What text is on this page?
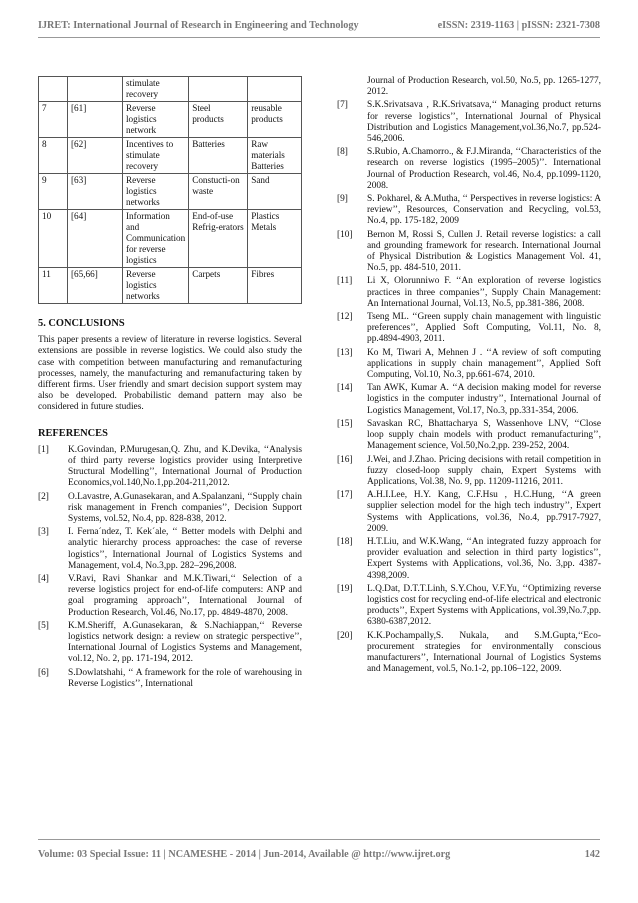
IJRET: International Journal of Research in Engineering and Technology	eISSN: 2319-1163 | pISSN: 2321-7308
		stimulate recovery		
7	[61]	Reverse logistics network	Steel products	reusable products
8	[62]	Incentives to stimulate recovery	Batteries	Raw materials Batteries
9	[63]	Reverse logistics networks	Constucti-on waste	Sand
10	[64]	Information and Communication for reverse logistics	End-of-use Refrig-erators	Plastics Metals
11	[65,66]	Reverse logistics networks	Carpets	Fibres
5. CONCLUSIONS

This paper presents a review of literature in reverse logistics. Several extensions are possible in reverse logistics. We could also study the case with competition between manufacturing and remanufacturing processes, namely, the manufacturing and remanufacturing taken by different firms. User friendly and smart decision support system may also be developed. Probabilistic demand pattern may also be considered in future studies.

REFERENCES
[1]	K.Govindan, P.Murugesan,Q. Zhu, and K.Devika, ‘‘Analysis of third party reverse logistics provider using Interpretive Structural Modelling’’, International Journal of Production Economics,vol.140,No.1,pp.204-211,2012.
[2]	O.Lavastre, A.Gunasekaran, and A.Spalanzani, ‘‘Supply chain risk management in French companies’’, Decision Support Systems, vol.52, No.4, pp. 828-838, 2012.
[3]	I. Ferna´ndez, T. Kek´ale, ‘‘ Better models with Delphi and analytic hierarchy process approaches: the case of reverse logistics’’, International Journal of Logistics Systems and Management, vol.4, No.3,pp. 282–296,2008.
[4]	V.Ravi, Ravi Shankar and M.K.Tiwari,‘‘ Selection of a reverse logistics project for end-of-life computers: ANP and goal programing approach’’, International Journal of Production Research, Vol.46, No.17, pp. 4849-4870, 2008.
[5]	K.M.Sheriff, A.Gunasekaran, & S.Nachiappan,‘‘ Reverse logistics network design: a review on strategic perspective’’, International Journal of Logistics Systems and Management, vol.12, No. 2, pp. 171-194, 2012.
[6]	S.Dowlatshahi, ‘‘ A framework for the role of warehousing in Reverse Logistics’’, International
Journal of Production Research, vol.50, No.5, pp. 1265-1277, 2012.
[7]	S.K.Srivatsava , R.K.Srivatsava,‘‘ Managing product returns for reverse logistics’’, International Journal of Physical Distribution and Logistics Management,vol.36,No.7, pp.524-546,2006.
[8]	S.Rubio, A.Chamorro., & F.J.Miranda, ‘‘Characteristics of the research on reverse logistics (1995–2005)’’. International Journal of Production Research, vol.46, No.4, pp.1099-1120, 2008.
[9]	S. Pokharel, & A.Mutha, ‘‘ Perspectives in reverse logistics: A review’’, Resources, Conservation and Recycling, vol.53, No.4, pp. 175-182, 2009
[10]	Bernon M, Rossi S, Cullen J. Retail reverse logistics: a call and grounding framework for research. International Journal of Physical Distribution & Logistics Management Vol. 41, No.5, pp. 484-510, 2011.
[11]	Li X, Olorunniwo F. ‘‘An exploration of reverse logistics practices in three companies’’, Supply Chain Management: An International Journal, Vol.13, No.5, pp.381-386, 2008.
[12]	Tseng ML. ‘‘Green supply chain management with linguistic preferences’’, Applied Soft Computing, Vol.11, No. 8, pp.4894-4903, 2011.
[13]	Ko M, Tiwari A, Mehnen J . ‘‘A review of soft computing applications in supply chain management’’, Applied Soft Computing, Vol.10, No.3, pp.661-674, 2010.
[14]	Tan AWK, Kumar A. ‘‘A decision making model for reverse logistics in the computer industry’’, International Journal of Logistics Management, Vol.17, No.3, pp.331-354, 2006.
[15]	Savaskan RC, Bhattacharya S, Wassenhove LNV, ‘‘Close loop supply chain models with product remanufacturing’’, Management science, Vol.50,No.2,pp. 239-252, 2004.
[16]	J.Wei, and J.Zhao. Pricing decisions with retail competition in fuzzy closed-loop supply chain, Expert Systems with Applications, Vol.38, No. 9, pp. 11209-11216, 2011.
[17]	A.H.I.Lee, H.Y. Kang, C.F.Hsu , H.C.Hung, ‘‘A green supplier selection model for the high tech industry’’, Expert Systems with Applications, vol.36, No.4, pp.7917-7927, 2009.
[18]	H.T.Liu, and W.K.Wang, ‘‘An integrated fuzzy approach for provider evaluation and selection in third party logistics’’, Expert Systems with Applications, vol.36, No. 3,pp. 4387-4398,2009.
[19]	L.Q.Dat, D.T.T.Linh, S.Y.Chou, V.F.Yu, ‘‘Optimizing reverse logistics cost for recycling end-of-life electrical and electronic products’’, Expert Systems with Applications, vol.39,No.7,pp. 6380-6387,2012.
[20]	K.K.Pochampally,S. Nukala, and S.M.Gupta,‘‘Eco-procurement strategies for environmentally conscious manufacturers’’, International Journal of Logistics Systems and Management, vol.5, No.1-2, pp.106–122, 2009.
Volume: 03 Special Issue: 11 | NCAMESHE - 2014 | Jun-2014, Available @ http://www.ijret.org	142
